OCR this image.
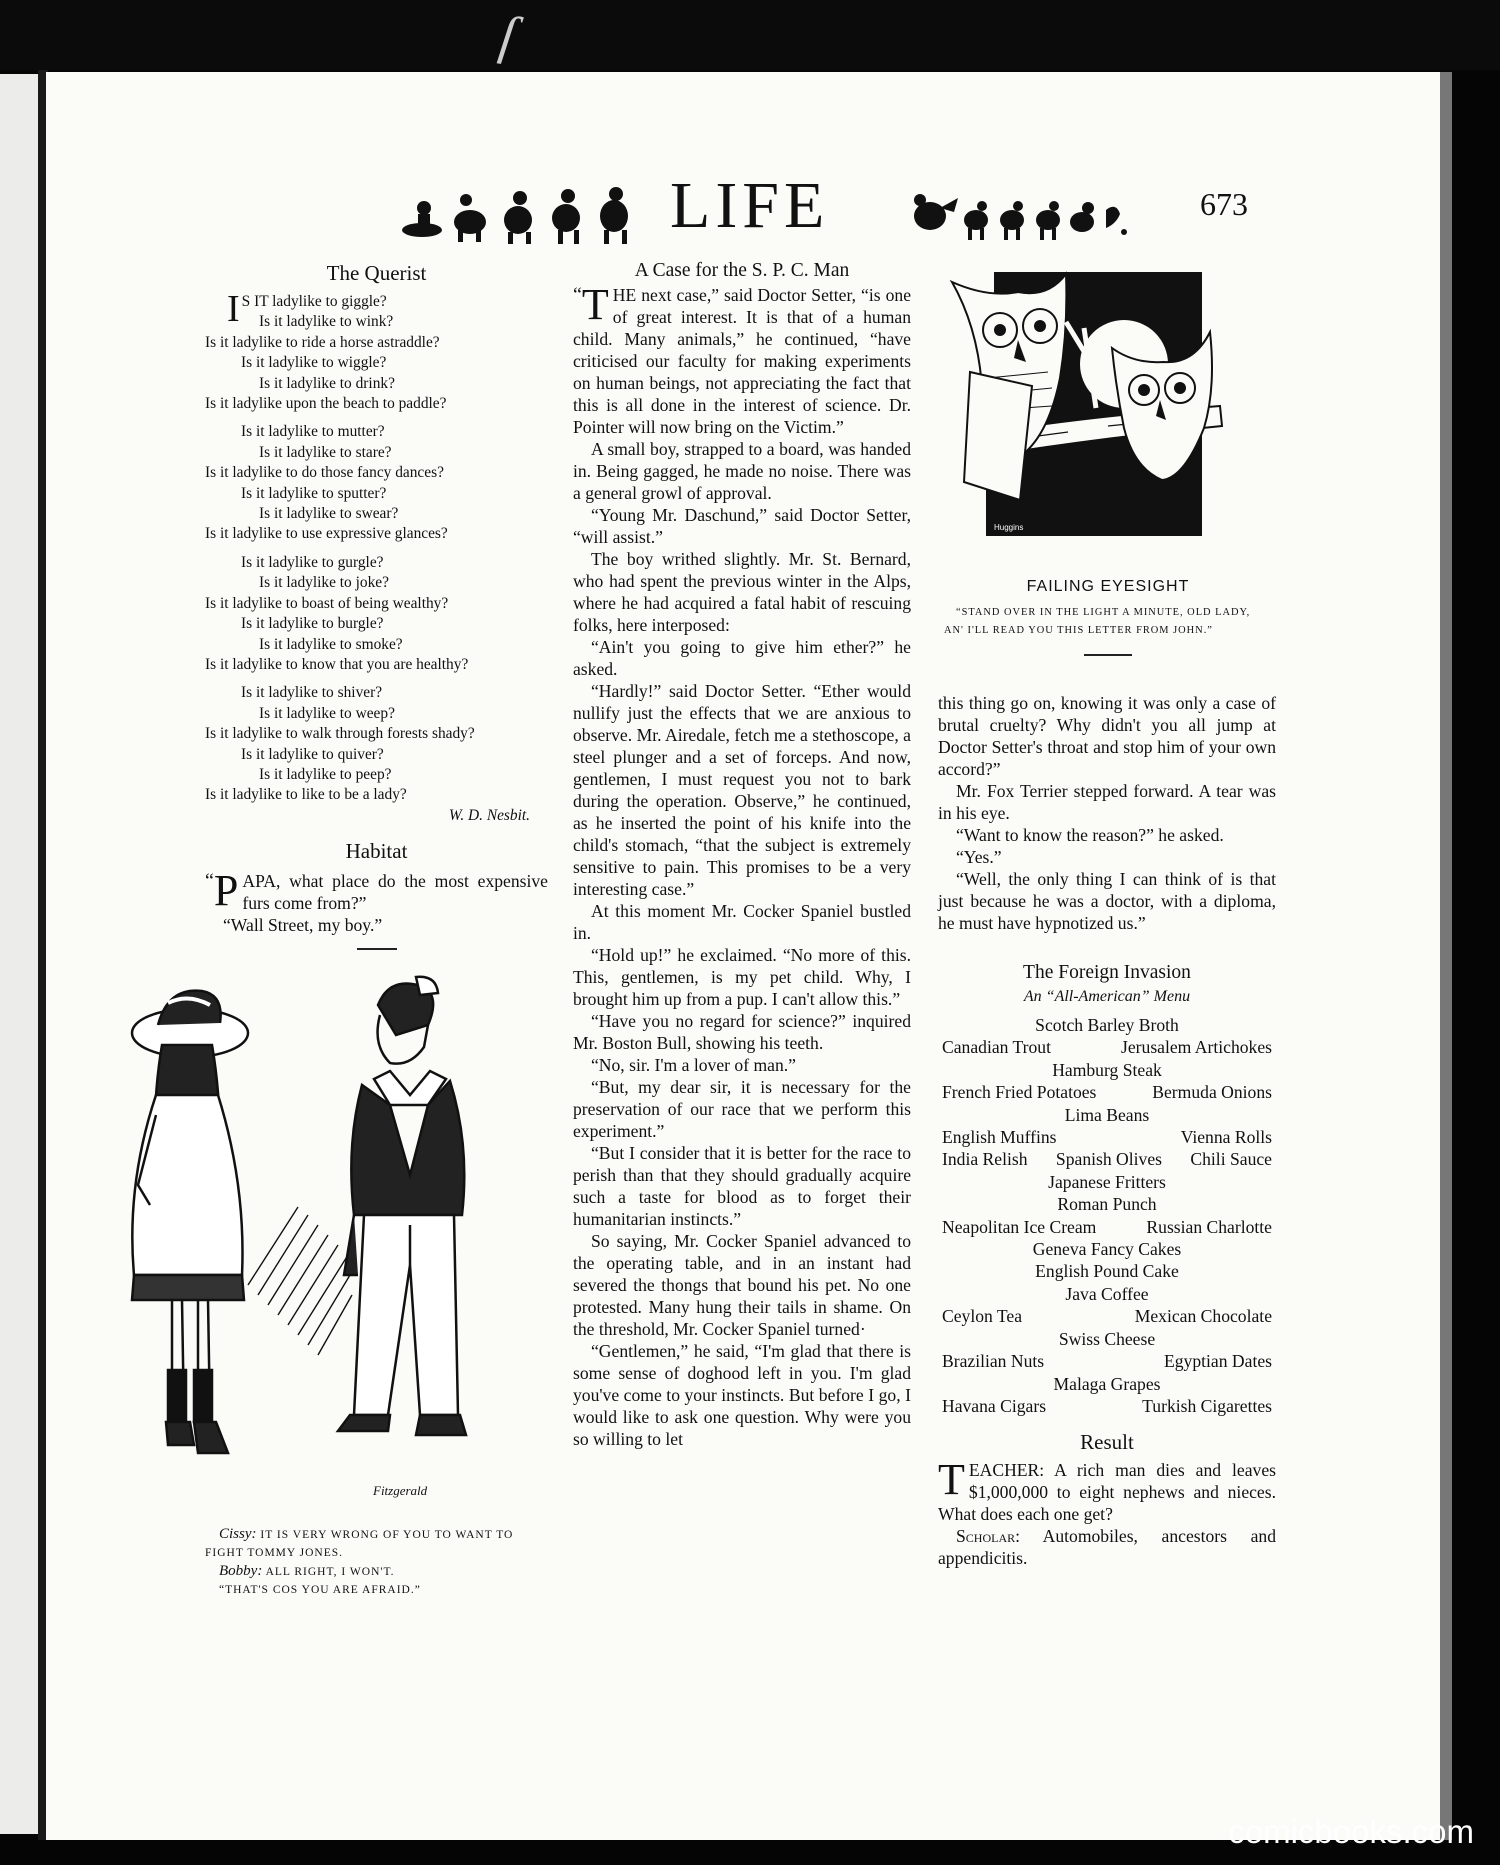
ſ
LIFE	673
The Querist
I S IT ladylike to giggle?
Is it ladylike to wink?
Is it ladylike to ride a horse astraddle?
Is it ladylike to wiggle?
Is it ladylike to drink?
Is it ladylike upon the beach to paddle?
Is it ladylike to mutter?
Is it ladylike to stare?
Is it ladylike to do those fancy dances?
Is it ladylike to sputter?
Is it ladylike to swear?
Is it ladylike to use expressive glances?
Is it ladylike to gurgle?
Is it ladylike to joke?
Is it ladylike to boast of being wealthy?
Is it ladylike to burgle?
Is it ladylike to smoke?
Is it ladylike to know that you are healthy?
Is it ladylike to shiver?
Is it ladylike to weep?
Is it ladylike to walk through forests shady?
Is it ladylike to quiver?
Is it ladylike to peep?
Is it ladylike to like to be a lady?
W. D. Nesbit.
Habitat

“ P APA, what place do the most expensive furs come from?”

“Wall Street, my boy.”

Fitzgerald
Cissy: IT IS VERY WRONG OF YOU TO WANT TO FIGHT TOMMY JONES.
Bobby: ALL RIGHT, I WON'T.
“THAT'S COS YOU ARE AFRAID.”
A Case for the S. P. C. Man

“ T HE next case,” said Doctor Setter, “is one of great interest. It is that of a human child. Many animals,” he continued, “have criticised our faculty for making experiments on human beings, not appreciating the fact that this is all done in the interest of science. Dr. Pointer will now bring on the Victim.”

A small boy, strapped to a board, was handed in. Being gagged, he made no noise. There was a general growl of approval.

“Young Mr. Daschund,” said Doctor Setter, “will assist.”

The boy writhed slightly. Mr. St. Bernard, who had spent the previous winter in the Alps, where he had acquired a fatal habit of rescuing folks, here interposed:

“Ain't you going to give him ether?” he asked.

“Hardly!” said Doctor Setter. “Ether would nullify just the effects that we are anxious to observe. Mr. Airedale, fetch me a stethoscope, a steel plunger and a set of forceps. And now, gentlemen, I must request you not to bark during the operation. Observe,” he continued, as he inserted the point of his knife into the child's stomach, “that the subject is extremely sensitive to pain. This promises to be a very interesting case.”

At this moment Mr. Cocker Spaniel bustled in.

“Hold up!” he exclaimed. “No more of this. This, gentlemen, is my pet child. Why, I brought him up from a pup. I can't allow this.”

“Have you no regard for science?” inquired Mr. Boston Bull, showing his teeth.

“No, sir. I'm a lover of man.”

“But, my dear sir, it is necessary for the preservation of our race that we perform this experiment.”

“But I consider that it is better for the race to perish than that they should gradually acquire such a taste for blood as to forget their humanitarian instincts.”

So saying, Mr. Cocker Spaniel advanced to the operating table, and in an instant had severed the thongs that bound his pet. No one protested. Many hung their tails in shame. On the threshold, Mr. Cocker Spaniel turned·

“Gentlemen,” he said, “I'm glad that there is some sense of doghood left in you. I'm glad you've come to your instincts. But before I go, I would like to ask one question. Why were you so willing to let

Huggins
FAILING EYESIGHT
“STAND OVER IN THE LIGHT A MINUTE, OLD LADY, AN' I'LL READ YOU THIS LETTER FROM JOHN.”

this thing go on, knowing it was only a case of brutal cruelty? Why didn't you all jump at Doctor Setter's throat and stop him of your own accord?”

Mr. Fox Terrier stepped forward. A tear was in his eye.

“Want to know the reason?” he asked.

“Yes.”

“Well, the only thing I can think of is that just because he was a doctor, with a diploma, he must have hypnotized us.”

The Foreign Invasion
An “All-American” Menu
Scotch Barley Broth
Canadian Trout	Jerusalem Artichokes
Hamburg Steak
French Fried Potatoes	Bermuda Onions
Lima Beans
English Muffins	Vienna Rolls
India Relish Spanish Olives Chili Sauce
Japanese Fritters
Roman Punch
Neapolitan Ice Cream	Russian Charlotte
Geneva Fancy Cakes
English Pound Cake
Java Coffee
Ceylon Tea	Mexican Chocolate
Swiss Cheese
Brazilian Nuts	Egyptian Dates
Malaga Grapes
Havana Cigars	Turkish Cigarettes
Result

TEACHER: A rich man dies and leaves $1,000,000 to eight nephews and nieces. What does each one get?

Scholar: Automobiles, ancestors and appendicitis.

comicbooks.com
